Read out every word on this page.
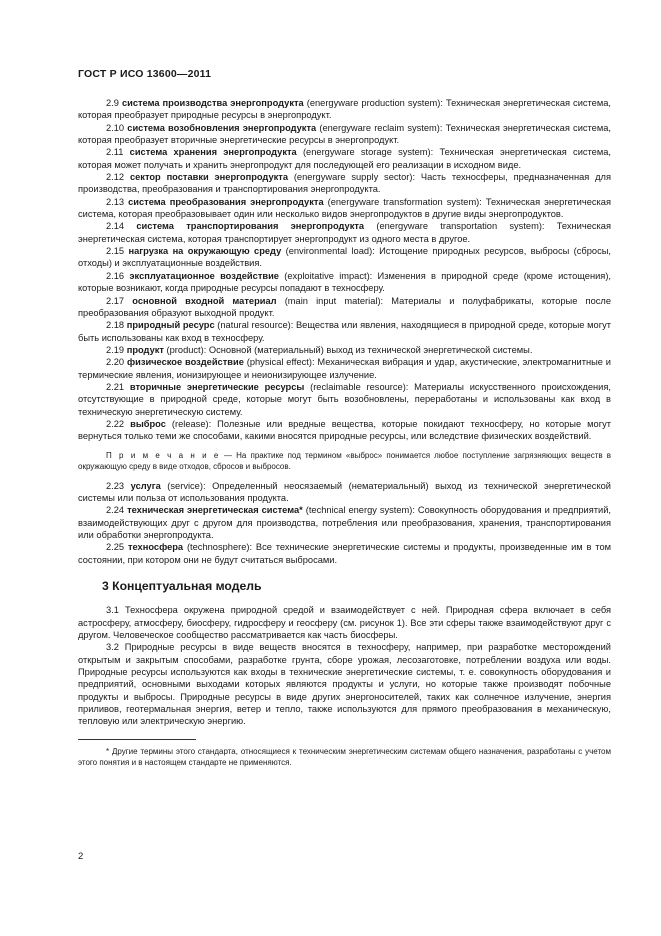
ГОСТ Р ИСО 13600—2011

2.9 система производства энергопродукта (energyware production system): Техническая энергетическая система, которая преобразует природные ресурсы в энергопродукт.

2.10 система возобновления энергопродукта (energyware reclaim system): Техническая энергетическая система, которая преобразует вторичные энергетические ресурсы в энергопродукт.

2.11 система хранения энергопродукта (energyware storage system): Техническая энергетическая система, которая может получать и хранить энергопродукт для последующей его реализации в исходном виде.

2.12 сектор поставки энергопродукта (energyware supply sector): Часть техносферы, предназначенная для производства, преобразования и транспортирования энергопродукта.

2.13 система преобразования энергопродукта (energyware transformation system): Техническая энергетическая система, которая преобразовывает один или несколько видов энергопродуктов в другие виды энергопродуктов.

2.14 система транспортирования энергопродукта (energyware transportation system): Техническая энергетическая система, которая транспортирует энергопродукт из одного места в другое.

2.15 нагрузка на окружающую среду (environmental load): Истощение природных ресурсов, выбросы (сбросы, отходы) и эксплуатационные воздействия.

2.16 эксплуатационное воздействие (exploitative impact): Изменения в природной среде (кроме истощения), которые возникают, когда природные ресурсы попадают в техносферу.

2.17 основной входной материал (main input material): Материалы и полуфабрикаты, которые после преобразования образуют выходной продукт.

2.18 природный ресурс (natural resource): Вещества или явления, находящиеся в природной среде, которые могут быть использованы как вход в техносферу.

2.19 продукт (product): Основной (материальный) выход из технической энергетической системы.

2.20 физическое воздействие (physical effect): Механическая вибрация и удар, акустические, электромагнитные и термические явления, ионизирующее и неионизирующее излучение.

2.21 вторичные энергетические ресурсы (reclaimable resource): Материалы искусственного происхождения, отсутствующие в природной среде, которые могут быть возобновлены, переработаны и использованы как вход в техническую энергетическую систему.

2.22 выброс (release): Полезные или вредные вещества, которые покидают техносферу, но которые могут вернуться только теми же способами, какими вносятся природные ресурсы, или вследствие физических воздействий.

П р и м е ч а н и е — На практике под термином «выброс» понимается любое поступление загрязняющих веществ в окружающую среду в виде отходов, сбросов и выбросов.

2.23 услуга (service): Определенный неосязаемый (нематериальный) выход из технической энергетической системы или польза от использования продукта.

2.24 техническая энергетическая система* (technical energy system): Совокупность оборудования и предприятий, взаимодействующих друг с другом для производства, потребления или преобразования, хранения, транспортирования или обработки энергопродукта.

2.25 техносфера (technosphere): Все технические энергетические системы и продукты, произведенные им в том состоянии, при котором они не будут считаться выбросами.

3 Концептуальная модель

3.1 Техносфера окружена природной средой и взаимодействует с ней. Природная сфера включает в себя астросферу, атмосферу, биосферу, гидросферу и геосферу (см. рисунок 1). Все эти сферы также взаимодействуют друг с другом. Человеческое сообщество рассматривается как часть биосферы.

3.2 Природные ресурсы в виде веществ вносятся в техносферу, например, при разработке месторождений открытым и закрытым способами, разработке грунта, сборе урожая, лесозаготовке, потреблении воздуха или воды. Природные ресурсы используются как входы в технические энергетические системы, т. е. совокупность оборудования и предприятий, основными выходами которых являются продукты и услуги, но которые также производят побочные продукты и выбросы. Природные ресурсы в виде других энергоносителей, таких как солнечное излучение, энергия приливов, геотермальная энергия, ветер и тепло, также используются для прямого преобразования в механическую, тепловую или электрическую энергию.

* Другие термины этого стандарта, относящиеся к техническим энергетическим системам общего назначения, разработаны с учетом этого понятия и в настоящем стандарте не применяются.

2
